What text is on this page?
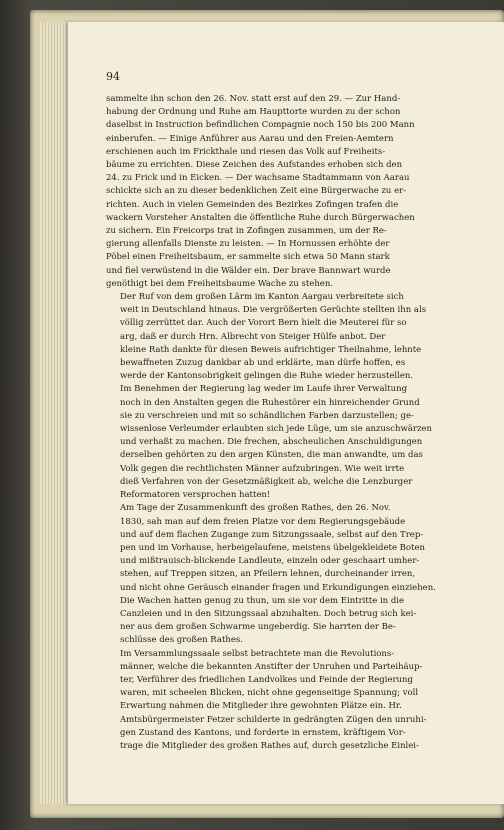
94

sammelte ihn schon den 26. Nov. statt erst auf den 29. — Zur Hand-
habung der Ordnung und Ruhe am Haupttorte wurden zu der schon
daselbst in Instruction befindlichen Compagnie noch 150 bis 200 Mann
einberufen. — Einige Anführer aus Aarau und den Freien-Aemtern
erschienen auch im Frickthale und riesen das Volk auf Freiheits-
bäume zu errichten. Diese Zeichen des Aufstandes erhoben sich den
24. zu Frick und in Eicken. — Der wachsame Stadtammann von Aarau
schickte sich an zu dieser bedenklichen Zeit eine Bürgerwache zu er-
richten. Auch in vielen Gemeinden des Bezirkes Zofingen trafen die
wackern Vorsteher Anstalten die öffentliche Ruhe durch Bürgerwachen
zu sichern. Ein Freicorps trat in Zofingen zusammen, um der Re-
gierung allenfalls Dienste zu leisten. — In Hornussen erhöhte der
Pöbel einen Freiheitsbaum, er sammelte sich etwa 50 Mann stark
und fiel verwüstend in die Wälder ein. Der brave Bannwart wurde
genöthigt bei dem Freiheitsbaume Wache zu stehen.

Der Ruf von dem großen Lärm im Kanton Aargau verbreitete sich
weit in Deutschland hinaus. Die vergrößerten Gerüchte stellten ihn als
völlig zerrüttet dar. Auch der Vorort Bern hielt die Meuterei für so
arg, daß er durch Hrn. Albrecht von Steiger Hülfe anbot. Der
kleine Rath dankte für diesen Beweis aufrichtiger Theilnahme, lehnte
bewaffneten Zuzug dankbar ab und erklärte, man dürfe hoffen, es
werde der Kantonsobrigkeit gelingen die Ruhe wieder herzustellen.
Im Benehmen der Regierung lag weder im Laufe ihrer Verwaltung
noch in den Anstalten gegen die Ruhestörer ein hinreichender Grund
sie zu verschreien und mit so schändlichen Farben darzustellen; ge-
wissenlose Verleumder erlaubten sich jede Lüge, um sie anzuschwärzen
und verhaßt zu machen. Die frechen, abscheulichen Anschuldigungen
derselben gehörten zu den argen Künsten, die man anwandte, um das
Volk gegen die rechtlichsten Männer aufzubringen. Wie weit irrte
dieß Verfahren von der Gesetzmäßigkeit ab, welche die Lenzburger
Reformatoren versprochen hatten!

Am Tage der Zusammenkunft des großen Rathes, den 26. Nov.
1830, sah man auf dem freien Platze vor dem Regierungsgebäude
und auf dem flachen Zugange zum Sitzungssaale, selbst auf den Trep-
pen und im Vorhause, herbeigelaufene, meistens übelgekleidete Boten
und mißtrauisch-blickende Landleute, einzeln oder geschaart umher-
stehen, auf Treppen sitzen, an Pfeilern lehnen, durcheinander irren,
und nicht ohne Geräusch einander fragen und Erkundigungen einziehen.
Die Wachen hatten genug zu thun, um sie vor dem Eintritte in die
Canzleien und in den Sitzungssaal abzuhalten. Doch betrug sich kei-
ner aus dem großen Schwarme ungeberdig. Sie harrten der Be-
schlüsse des großen Rathes.

Im Versammlungssaale selbst betrachtete man die Revolutions-
männer, welche die bekannten Anstifter der Unruhen und Parteihäup-
ter, Verführer des friedlichen Landvolkes und Feinde der Regierung
waren, mit scheelen Blicken, nicht ohne gegenseitige Spannung; voll
Erwartung nahmen die Mitglieder ihre gewohnten Plätze ein. Hr.
Amtsbürgermeister Fetzer schilderte in gedrängten Zügen den unruhi-
gen Zustand des Kantons, und forderte in ernstem, kräftigem Vor-
trage die Mitglieder des großen Rathes auf, durch gesetzliche Einlei-
